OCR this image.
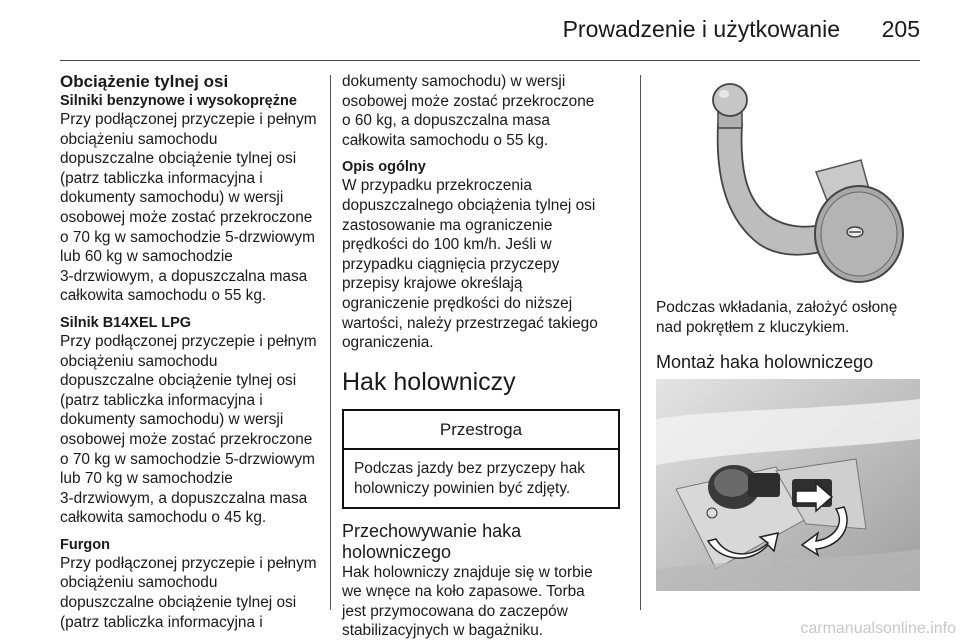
Prowadzenie i użytkowanie	205
Obciążenie tylnej osi
Silniki benzynowe i wysokoprężne
Przy podłączonej przyczepie i pełnym
obciążeniu samochodu
dopuszczalne obciążenie tylnej osi
(patrz tabliczka informacyjna i
dokumenty samochodu) w wersji
osobowej może zostać przekroczone
o 70 kg w samochodzie 5-drzwiowym
lub 60 kg w samochodzie
3-drzwiowym, a dopuszczalna masa
całkowita samochodu o 55 kg.
Silnik B14XEL LPG
Przy podłączonej przyczepie i pełnym
obciążeniu samochodu
dopuszczalne obciążenie tylnej osi
(patrz tabliczka informacyjna i
dokumenty samochodu) w wersji
osobowej może zostać przekroczone
o 70 kg w samochodzie 5-drzwiowym
lub 70 kg w samochodzie
3-drzwiowym, a dopuszczalna masa
całkowita samochodu o 45 kg.
Furgon
Przy podłączonej przyczepie i pełnym
obciążeniu samochodu
dopuszczalne obciążenie tylnej osi
(patrz tabliczka informacyjna i
dokumenty samochodu) w wersji
osobowej może zostać przekroczone
o 60 kg, a dopuszczalna masa
całkowita samochodu o 55 kg.
Opis ogólny
W przypadku przekroczenia
dopuszczalnego obciążenia tylnej osi
zastosowanie ma ograniczenie
prędkości do 100 km/h. Jeśli w
przypadku ciągnięcia przyczepy
przepisy krajowe określają
ograniczenie prędkości do niższej
wartości, należy przestrzegać takiego
ograniczenia.
Hak holowniczy
Przestroga
Podczas jazdy bez przyczepy hak
holowniczy powinien być zdjęty.
Przechowywanie haka
holowniczego
Hak holowniczy znajduje się w torbie
we wnęce na koło zapasowe. Torba
jest przymocowana do zaczepów
stabilizacyjnych w bagażniku.
Podczas wkładania, założyć osłonę
nad pokrętłem z kluczykiem.
Montaż haka holowniczego
carmanualsonline.info
